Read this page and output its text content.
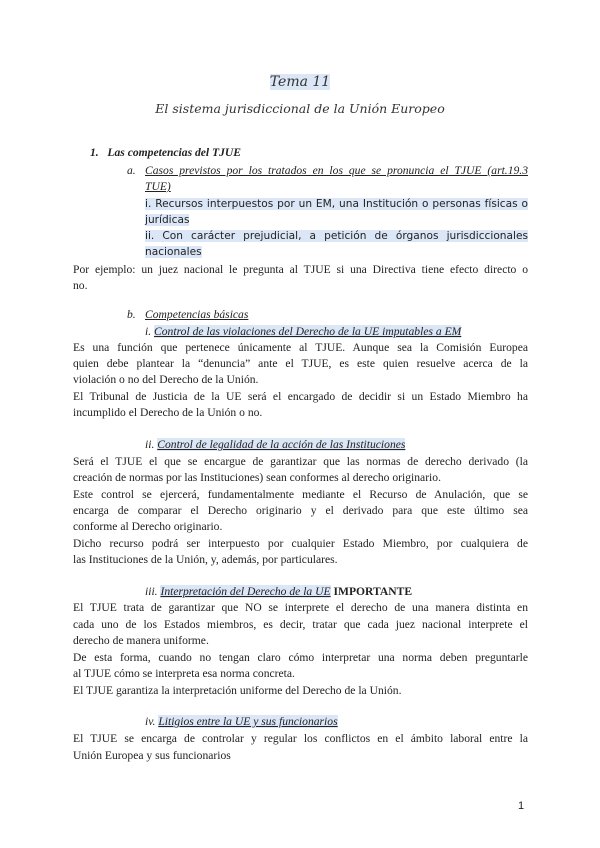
Tema 11
El sistema jurisdiccional de la Unión Europeo
1. Las competencias del TJUE
a. Casos previstos por los tratados en los que se pronuncia el TJUE (art.19.3
TUE)
i. Recursos interpuestos por un EM, una Institución o personas físicas o
jurídicas
ii. Con carácter prejudicial, a petición de órganos jurisdiccionales
nacionales
Por ejemplo: un juez nacional le pregunta al TJUE si una Directiva tiene efecto directo o
no.
b. Competencias básicas
i. Control de las violaciones del Derecho de la UE imputables a EM
Es una función que pertenece únicamente al TJUE. Aunque sea la Comisión Europea
quien debe plantear la “denuncia” ante el TJUE, es este quien resuelve acerca de la
violación o no del Derecho de la Unión.
El Tribunal de Justicia de la UE será el encargado de decidir si un Estado Miembro ha
incumplido el Derecho de la Unión o no.
ii. Control de legalidad de la acción de las Instituciones
Será el TJUE el que se encargue de garantizar que las normas de derecho derivado (la
creación de normas por las Instituciones) sean conformes al derecho originario.
Este control se ejercerá, fundamentalmente mediante el Recurso de Anulación, que se
encarga de comparar el Derecho originario y el derivado para que este último sea
conforme al Derecho originario.
Dicho recurso podrá ser interpuesto por cualquier Estado Miembro, por cualquiera de
las Instituciones de la Unión, y, además, por particulares.
iii. Interpretación del Derecho de la UE IMPORTANTE
El TJUE trata de garantizar que NO se interprete el derecho de una manera distinta en
cada uno de los Estados miembros, es decir, tratar que cada juez nacional interprete el
derecho de manera uniforme.
De esta forma, cuando no tengan claro cómo interpretar una norma deben preguntarle
al TJUE cómo se interpreta esa norma concreta.
El TJUE garantiza la interpretación uniforme del Derecho de la Unión.
iv. Litigios entre la UE y sus funcionarios
El TJUE se encarga de controlar y regular los conflictos en el ámbito laboral entre la
Unión Europea y sus funcionarios
1
